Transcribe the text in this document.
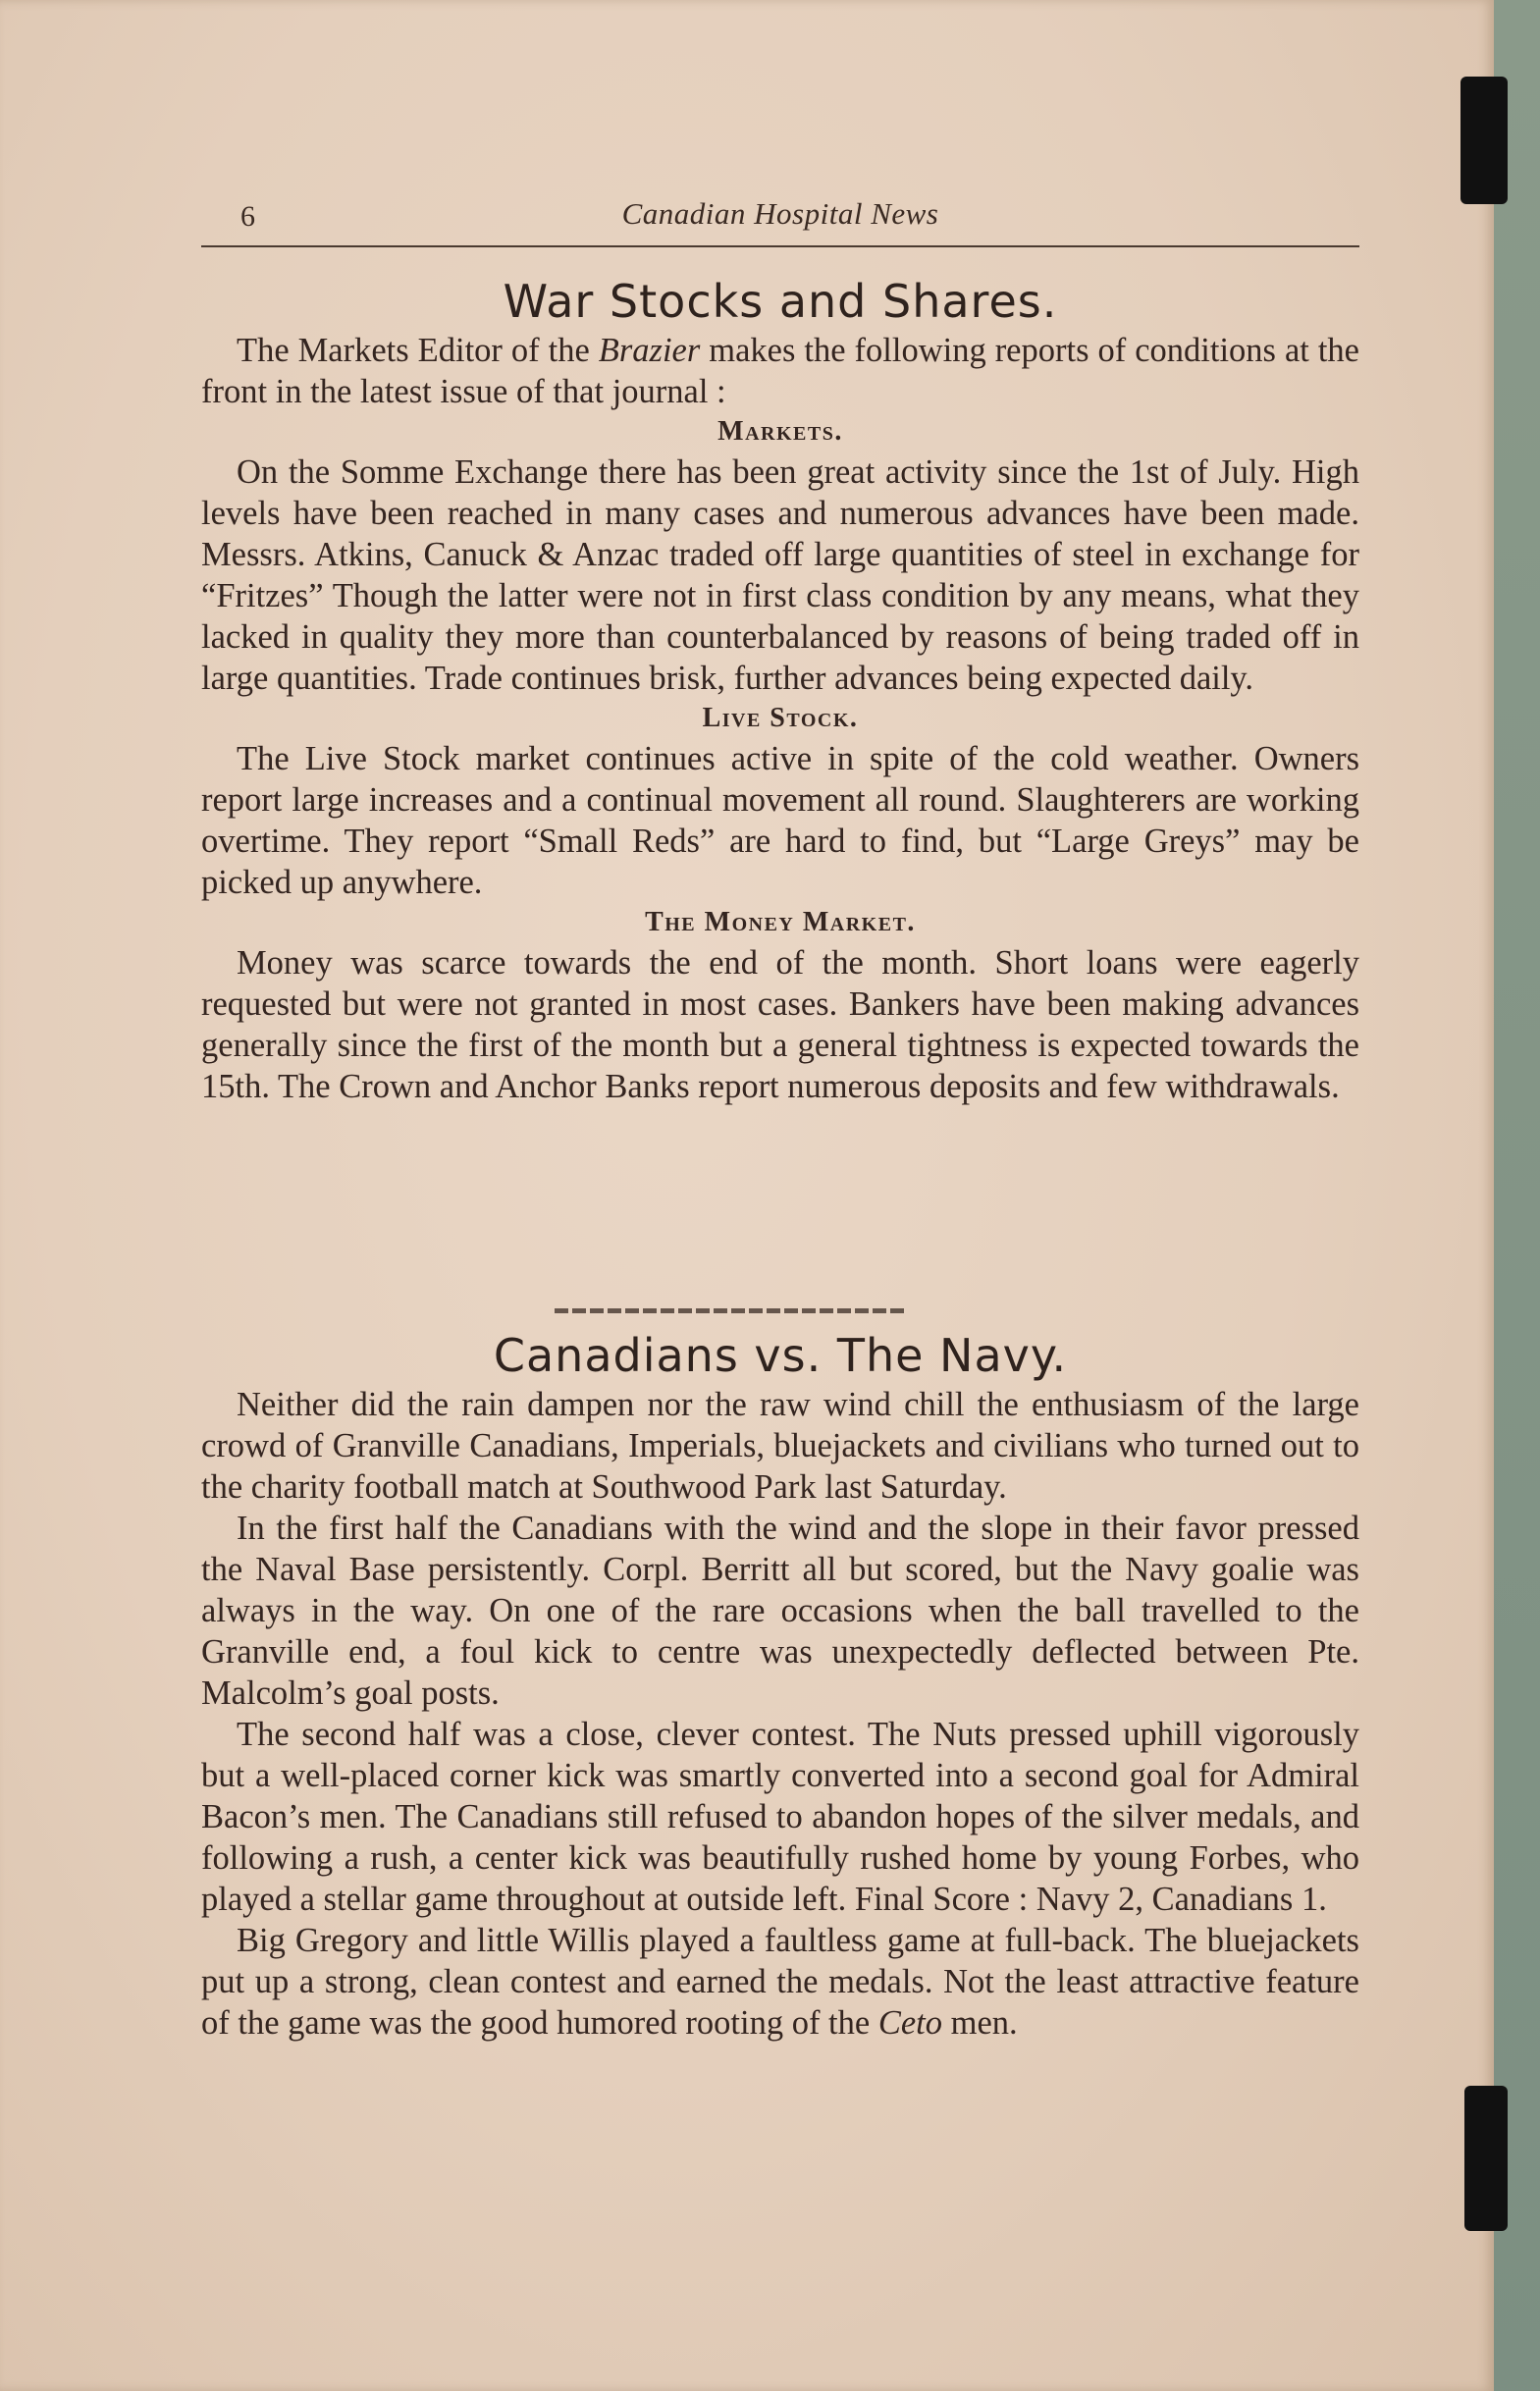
6	Canadian Hospital News
War Stocks and Shares.

The Markets Editor of the Brazier makes the following reports of conditions at the front in the latest issue of that journal :

Markets.

On the Somme Exchange there has been great activity since the 1st of July. High levels have been reached in many cases and numerous advances have been made. Messrs. Atkins, Canuck & Anzac traded off large quantities of steel in exchange for “Fritzes” Though the latter were not in first class condition by any means, what they lacked in quality they more than counterbalanced by reasons of being traded off in large quantities. Trade continues brisk, further advances being expected daily.

Live Stock.

The Live Stock market continues active in spite of the cold weather. Owners report large increases and a continual movement all round. Slaughterers are working overtime. They report “Small Reds” are hard to find, but “Large Greys” may be picked up anywhere.

The Money Market.

Money was scarce towards the end of the month. Short loans were eagerly requested but were not granted in most cases. Bankers have been making advances generally since the first of the month but a general tightness is expected towards the 15th. The Crown and Anchor Banks report numerous deposits and few withdrawals.

Canadians vs. The Navy.

Neither did the rain dampen nor the raw wind chill the enthusiasm of the large crowd of Granville Canadians, Imperials, bluejackets and civilians who turned out to the charity football match at Southwood Park last Saturday.

In the first half the Canadians with the wind and the slope in their favor pressed the Naval Base persistently. Corpl. Berritt all but scored, but the Navy goalie was always in the way. On one of the rare occasions when the ball travelled to the Granville end, a foul kick to centre was unexpectedly deflected between Pte. Malcolm’s goal posts.

The second half was a close, clever contest. The Nuts pressed uphill vigorously but a well-placed corner kick was smartly converted into a second goal for Admiral Bacon’s men. The Canadians still refused to abandon hopes of the silver medals, and following a rush, a center kick was beautifully rushed home by young Forbes, who played a stellar game throughout at outside left. Final Score : Navy 2, Canadians 1.

Big Gregory and little Willis played a faultless game at full-back. The bluejackets put up a strong, clean contest and earned the medals. Not the least attractive feature of the game was the good humored rooting of the Ceto men.
